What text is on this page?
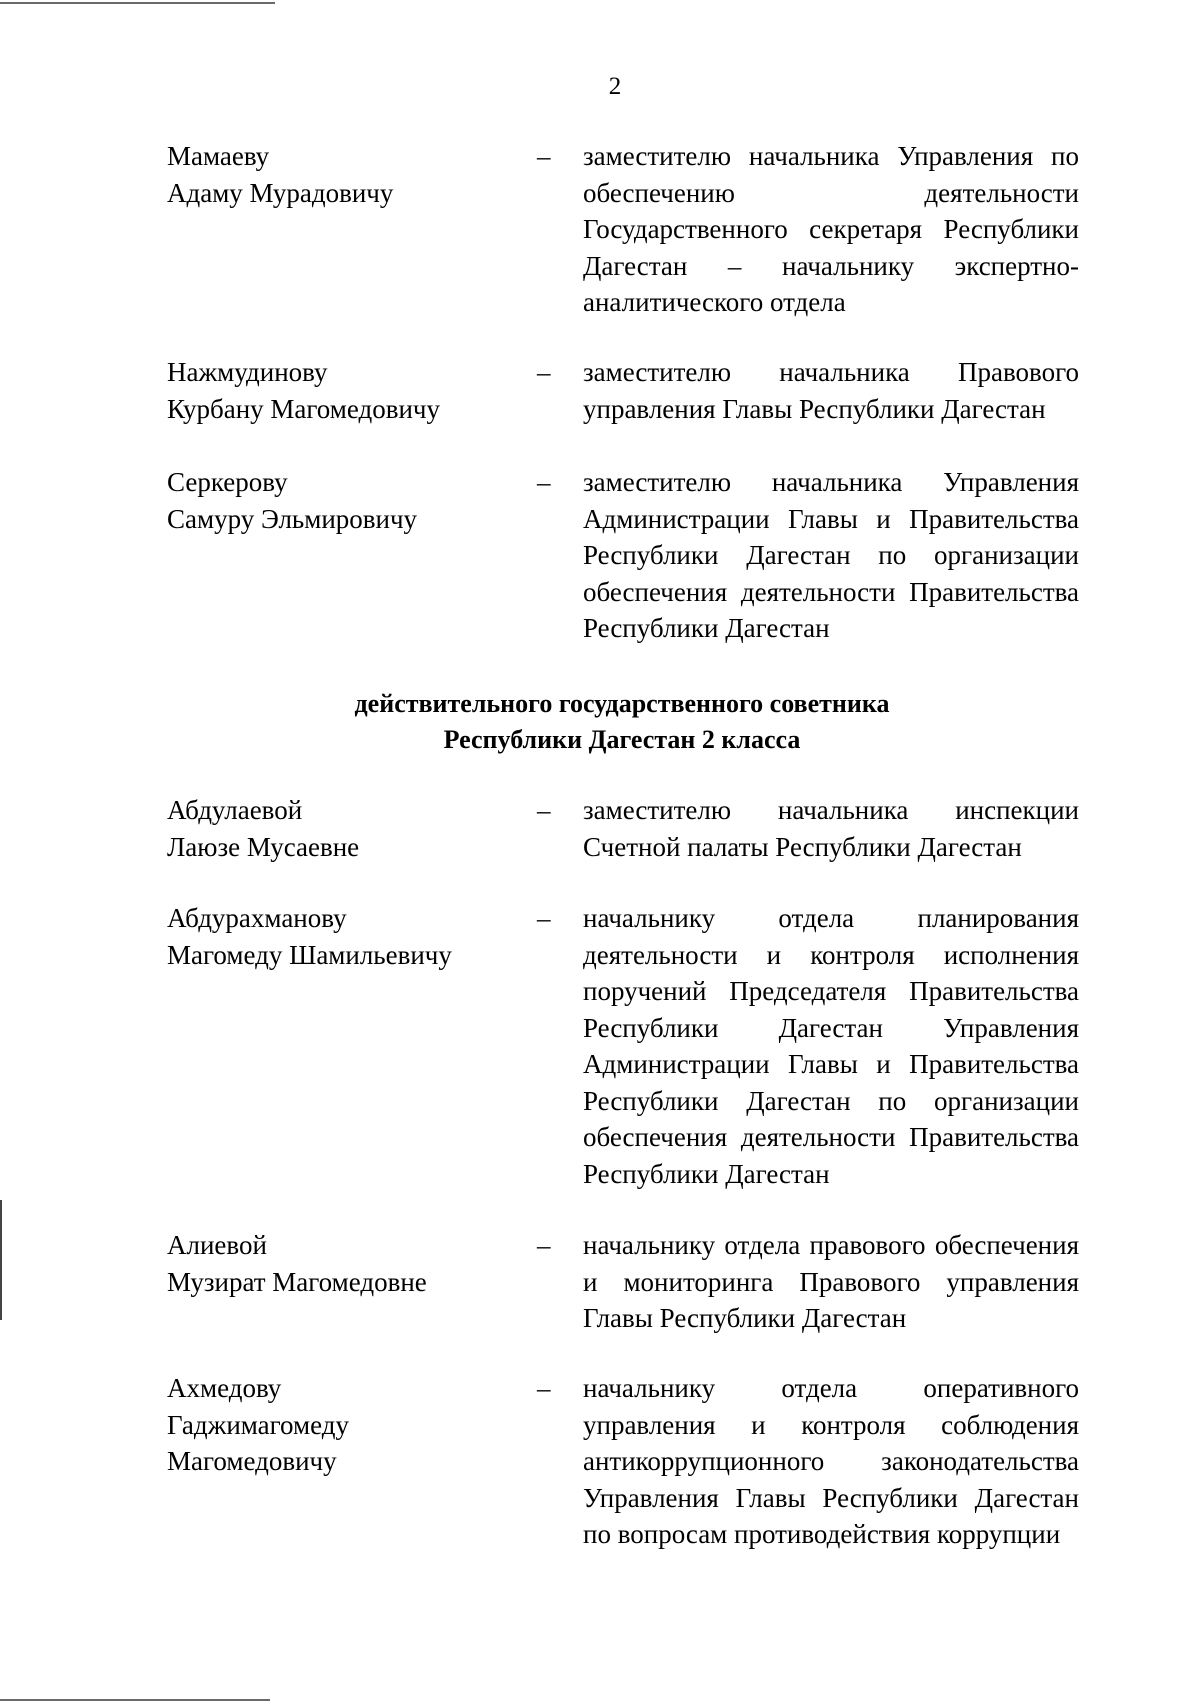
2
Мамаеву
Адаму Мурадовичу
– заместителю начальника Управления по обеспечению деятельности Государственного секретаря Республики Дагестан – начальнику экспертно-аналитического отдела
Нажмудинову
Курбану Магомедовичу
– заместителю начальника Правового управления Главы Республики Дагестан
Серкерову
Самуру Эльмировичу
– заместителю начальника Управления Администрации Главы и Правительства Республики Дагестан по организации обеспечения деятельности Правительства Республики Дагестан
действительного государственного советника
Республики Дагестан 2 класса
Абдулаевой
Лаюзе Мусаевне
– заместителю начальника инспекции Счетной палаты Республики Дагестан
Абдурахманову
Магомеду Шамильевичу
– начальнику отдела планирования деятельности и контроля исполнения поручений Председателя Правительства Республики Дагестан Управления Администрации Главы и Правительства Республики Дагестан по организации обеспечения деятельности Правительства Республики Дагестан
Алиевой
Музират Магомедовне
– начальнику отдела правового обеспечения и мониторинга Правового управления Главы Республики Дагестан
Ахмедову
Гаджимагомеду
Магомедовичу
– начальнику отдела оперативного управления и контроля соблюдения антикоррупционного законодательства Управления Главы Республики Дагестан по вопросам противодействия коррупции
